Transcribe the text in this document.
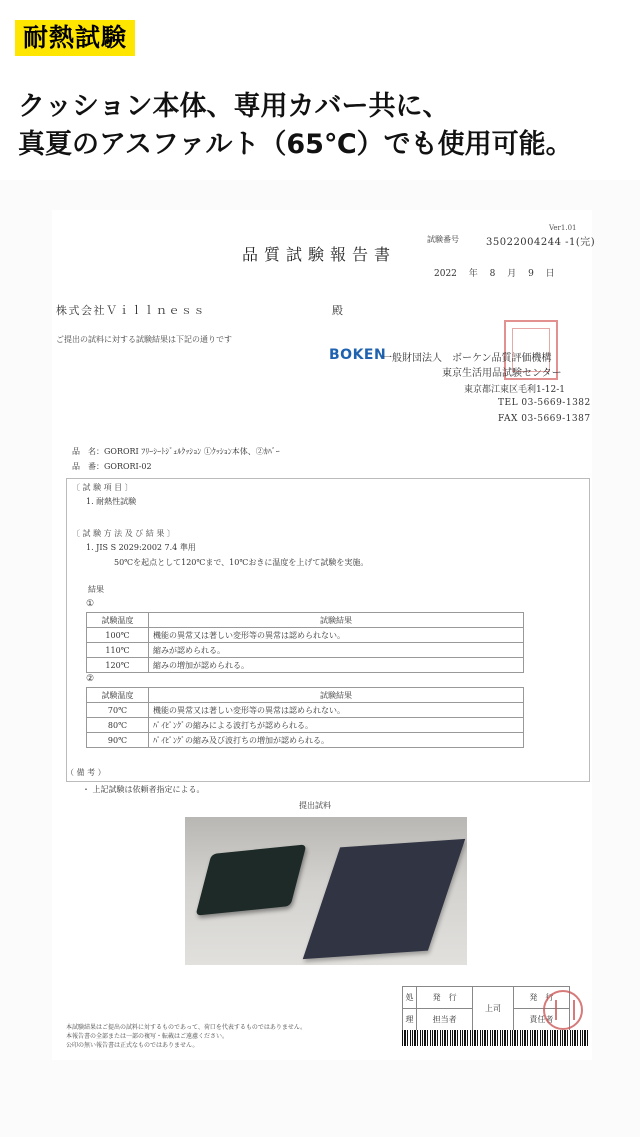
耐熱試験
クッション本体、専用カバー共に、
真夏のアスファルト（65℃）でも使用可能。
Ver1.01
品質試験報告書
試験番号	35022004244 -1(完)
2022 年 8 月 9 日
株式会社Ｖｉｌｌｎｅｓｓ	殿
ご提出の試料に対する試験結果は下記の通りです
BOKEN
一般財団法人　ボーケン品質評価機構
東京生活用品試験センター
東京都江東区毛利1-12-1
TEL 03-5669-1382
FAX 03-5669-1387
品　名：GORORI ﾌﾘｰｼｰﾄｼﾞｪﾙｸｯｼｮﾝ ①ｸｯｼｮﾝ本体、②ｶﾊﾞｰ
品　番：GORORI-02
〔 試 験 項 目 〕
1. 耐熱性試験
〔 試 験 方 法 及 び 結 果 〕
1. JIS S 2029:2002 7.4 準用
50℃を起点として120℃まで、10℃おきに温度を上げて試験を実施。
結果
①
試験温度	試験結果
100℃	機能の異常又は著しい変形等の異常は認められない。
110℃	縮みが認められる。
120℃	縮みの増加が認められる。
②
試験温度	試験結果
70℃	機能の異常又は著しい変形等の異常は認められない。
80℃	ﾊﾟｲﾋﾟﾝｸﾞの縮みによる波打ちが認められる。
90℃	ﾊﾟｲﾋﾟﾝｸﾞの縮み及び波打ちの増加が認められる。
（ 備 考 ）
・ 上記試験は依頼者指定による。
提出試料
処	発　行	上司	発　行
理	担当者		責任者
本試験結果はご提出の試料に対するものであって、荷口を代表するものではありません。
本報告書の全部または一部の複写・転載はご遠慮ください。
公印の無い報告書は正式なものではありません。
